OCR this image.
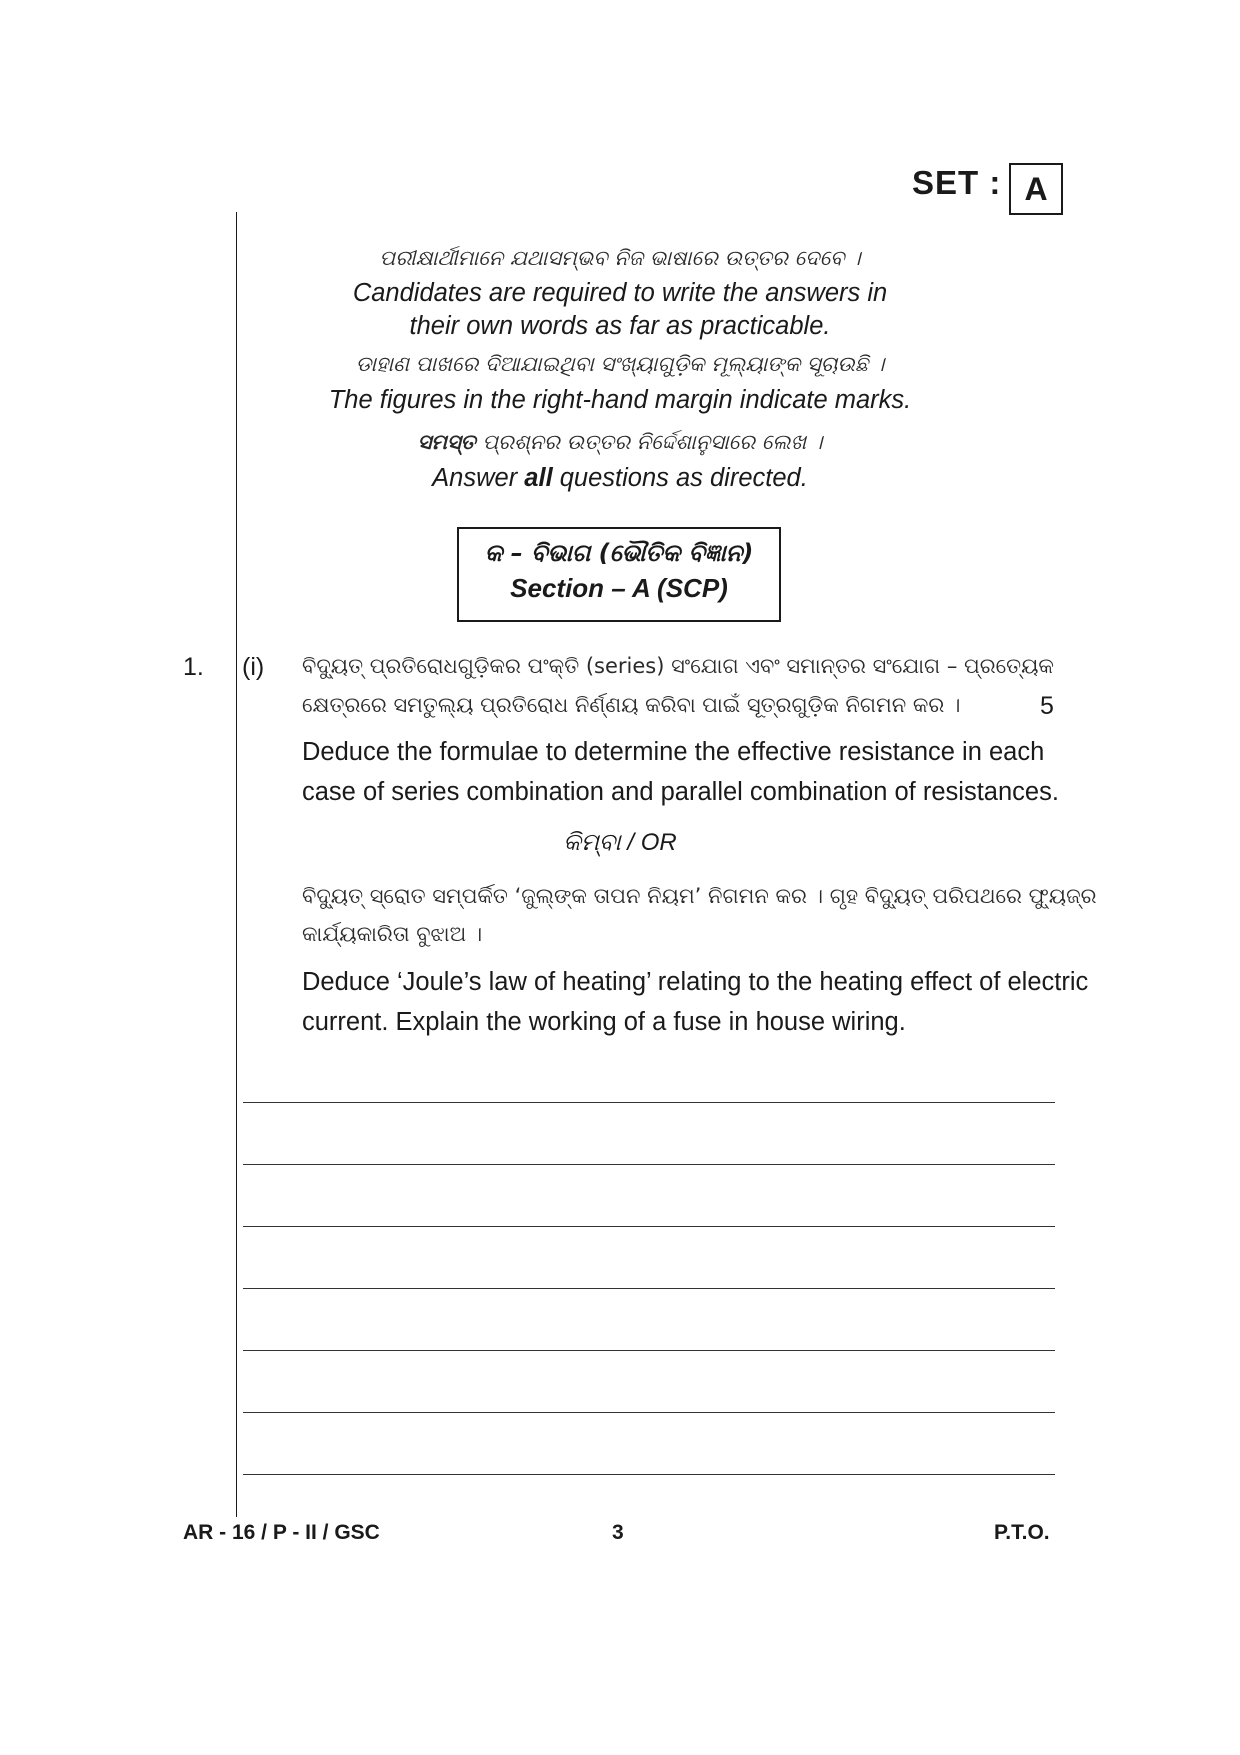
SET : A
ପରୀକ୍ଷାର୍ଥୀମାନେ ଯଥାସମ୍ଭବ ନିଜ ଭାଷାରେ ଉତ୍ତର ଦେବେ ।
Candidates are required to write the answers in
their own words as far as practicable.
ଡାହାଣ ପାଖରେ ଦିଆଯାଇଥିବା ସଂଖ୍ୟାଗୁଡ଼ିକ ମୂଲ୍ୟାଙ୍କ ସୂଚାଉଛି ।
The figures in the right-hand margin indicate marks.
ସମସ୍ତ ପ୍ରଶ୍ନର ଉତ୍ତର ନିର୍ଦ୍ଦେଶାନୁସାରେ ଲେଖ ।
Answer all questions as directed.
କ – ବିଭାଗ (ଭୌତିକ ବିଜ୍ଞାନ)
Section – A (SCP)
1. (i) ବିଦ୍ୟୁତ୍ ପ୍ରତିରୋଧଗୁଡ଼ିକର ପଂକ୍ତି (series) ସଂଯୋଗ ଏବଂ ସମାନ୍ତର ସଂଯୋଗ – ପ୍ରତ୍ୟେକ
କ୍ଷେତ୍ରରେ ସମତୁଲ୍ୟ ପ୍ରତିରୋଧ ନିର୍ଣ୍ଣୟ କରିବା ପାଇଁ ସୂତ୍ରଗୁଡ଼ିକ ନିଗମନ କର ।	5
Deduce the formulae to determine the effective resistance in each
case of series combination and parallel combination of resistances.
କିମ୍ବା / OR
ବିଦ୍ୟୁତ୍ ସ୍ରୋତ ସମ୍ପର୍କିତ ‘ଜୁଲ୍‌ଙ୍କ ତାପନ ନିୟମ’ ନିଗମନ କର । ଗୃହ ବିଦ୍ୟୁତ୍ ପରିପଥରେ ଫ୍ୟୁଜ୍‌ର
କାର୍ଯ୍ୟକାରିତା ବୁଝାଅ ।
Deduce ‘Joule’s law of heating’ relating to the heating effect of electric
current. Explain the working of a fuse in house wiring.
AR - 16 / P - II / GSC	3	P.T.O.
